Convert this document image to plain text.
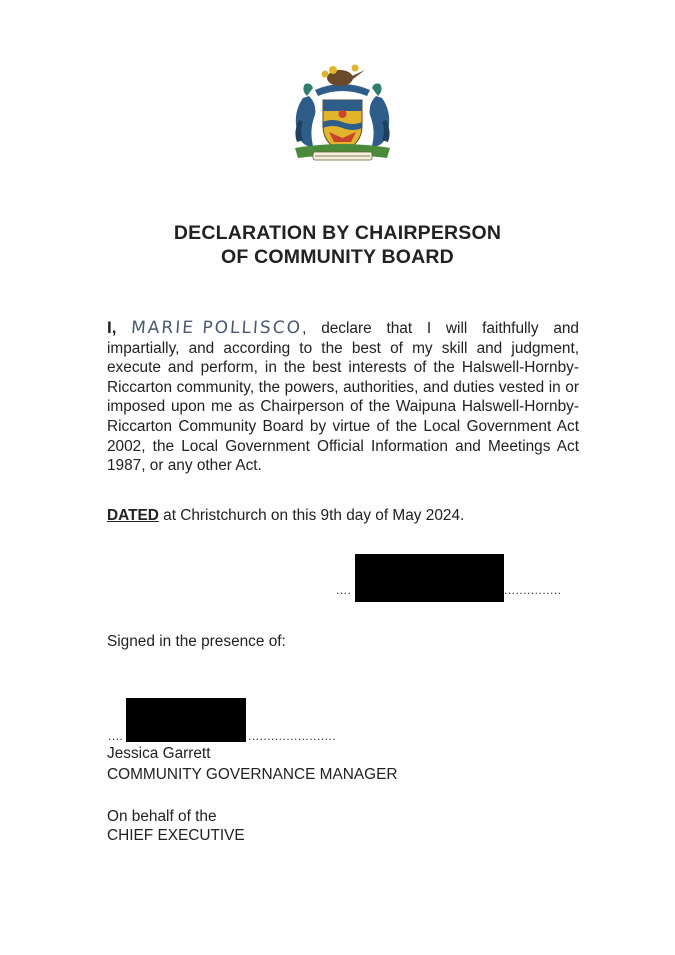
DECLARATION BY CHAIRPERSON
OF COMMUNITY BOARD
I, MARIE POLLISCO, declare that I will faithfully and impartially, and according to the best of my skill and judgment, execute and perform, in the best interests of the Halswell-Hornby-Riccarton community, the powers, authorities, and duties vested in or imposed upon me as Chairperson of the Waipuna Halswell-Hornby-Riccarton Community Board by virtue of the Local Government Act 2002, the Local Government Official Information and Meetings Act 1987, or any other Act.
DATED at Christchurch on this 9th day of May 2024.
....	...............
Signed in the presence of:
....	.......................
Jessica Garrett
COMMUNITY GOVERNANCE MANAGER
On behalf of the
CHIEF EXECUTIVE
